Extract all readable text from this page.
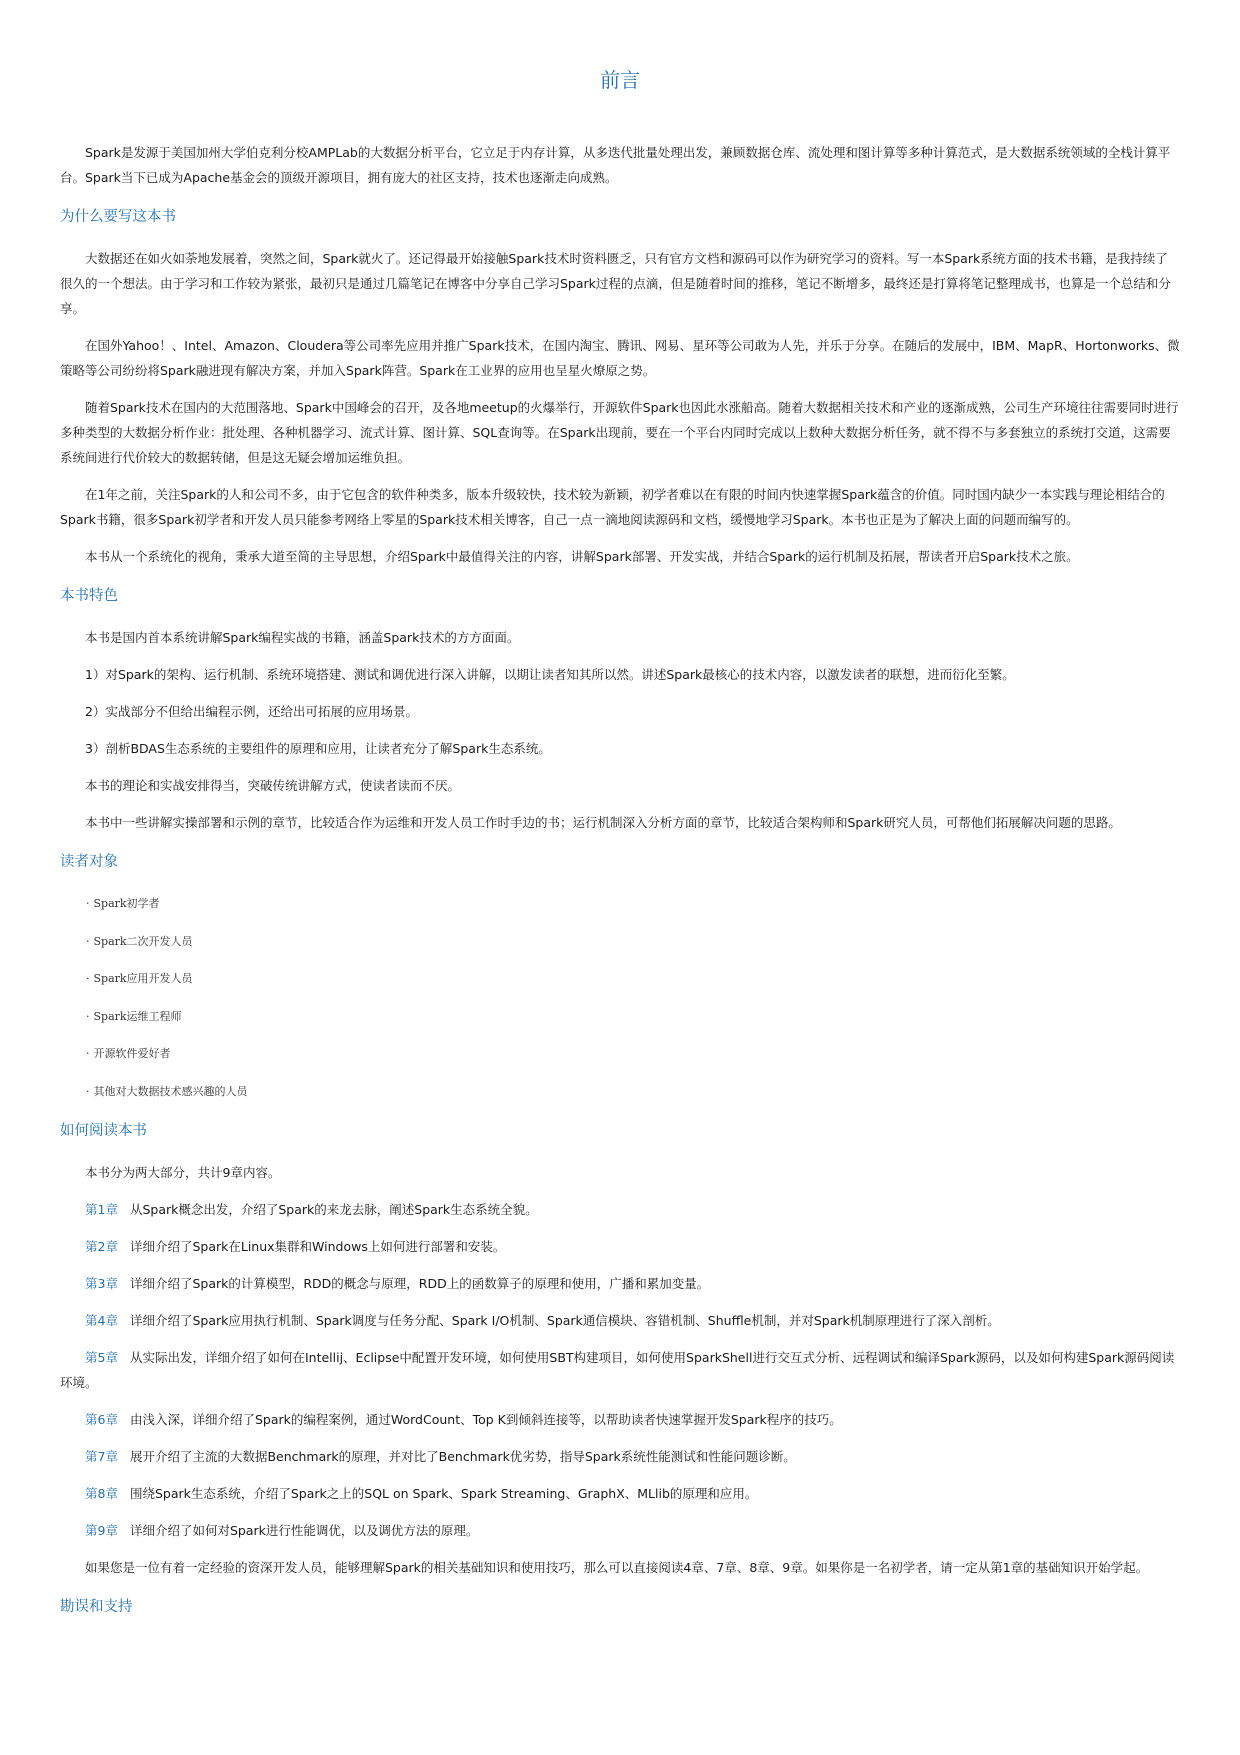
前言

Spark是发源于美国加州大学伯克利分校AMPLab的大数据分析平台，它立足于内存计算，从多迭代批量处理出发，兼顾数据仓库、流处理和图计算等多种计算范式，是大数据系统领域的全栈计算平台。Spark当下已成为Apache基金会的顶级开源项目，拥有庞大的社区支持，技术也逐渐走向成熟。

为什么要写这本书

大数据还在如火如荼地发展着，突然之间，Spark就火了。还记得最开始接触Spark技术时资料匮乏，只有官方文档和源码可以作为研究学习的资料。写一本Spark系统方面的技术书籍，是我持续了很久的一个想法。由于学习和工作较为紧张，最初只是通过几篇笔记在博客中分享自己学习Spark过程的点滴，但是随着时间的推移，笔记不断增多，最终还是打算将笔记整理成书，也算是一个总结和分享。

在国外Yahoo！、Intel、Amazon、Cloudera等公司率先应用并推广Spark技术，在国内淘宝、腾讯、网易、星环等公司敢为人先，并乐于分享。在随后的发展中，IBM、MapR、Hortonworks、微策略等公司纷纷将Spark融进现有解决方案，并加入Spark阵营。Spark在工业界的应用也呈星火燎原之势。

随着Spark技术在国内的大范围落地、Spark中国峰会的召开，及各地meetup的火爆举行，开源软件Spark也因此水涨船高。随着大数据相关技术和产业的逐渐成熟，公司生产环境往往需要同时进行多种类型的大数据分析作业：批处理、各种机器学习、流式计算、图计算、SQL查询等。在Spark出现前，要在一个平台内同时完成以上数种大数据分析任务，就不得不与多套独立的系统打交道，这需要系统间进行代价较大的数据转储，但是这无疑会增加运维负担。

在1年之前，关注Spark的人和公司不多，由于它包含的软件种类多，版本升级较快，技术较为新颖，初学者难以在有限的时间内快速掌握Spark蕴含的价值。同时国内缺少一本实践与理论相结合的Spark书籍，很多Spark初学者和开发人员只能参考网络上零星的Spark技术相关博客，自己一点一滴地阅读源码和文档，缓慢地学习Spark。本书也正是为了解决上面的问题而编写的。

本书从一个系统化的视角，秉承大道至简的主导思想，介绍Spark中最值得关注的内容，讲解Spark部署、开发实战，并结合Spark的运行机制及拓展，帮读者开启Spark技术之旅。

本书特色

本书是国内首本系统讲解Spark编程实战的书籍，涵盖Spark技术的方方面面。

1）对Spark的架构、运行机制、系统环境搭建、测试和调优进行深入讲解，以期让读者知其所以然。讲述Spark最核心的技术内容，以激发读者的联想，进而衍化至繁。

2）实战部分不但给出编程示例，还给出可拓展的应用场景。

3）剖析BDAS生态系统的主要组件的原理和应用，让读者充分了解Spark生态系统。

本书的理论和实战安排得当，突破传统讲解方式，使读者读而不厌。

本书中一些讲解实操部署和示例的章节，比较适合作为运维和开发人员工作时手边的书；运行机制深入分析方面的章节，比较适合架构师和Spark研究人员，可帮他们拓展解决问题的思路。

读者对象
· Spark初学者
· Spark二次开发人员
· Spark应用开发人员
· Spark运维工程师
· 开源软件爱好者
· 其他对大数据技术感兴趣的人员
如何阅读本书

本书分为两大部分，共计9章内容。

第1章 从Spark概念出发，介绍了Spark的来龙去脉，阐述Spark生态系统全貌。

第2章 详细介绍了Spark在Linux集群和Windows上如何进行部署和安装。

第3章 详细介绍了Spark的计算模型，RDD的概念与原理，RDD上的函数算子的原理和使用，广播和累加变量。

第4章 详细介绍了Spark应用执行机制、Spark调度与任务分配、Spark I/O机制、Spark通信模块、容错机制、Shuffle机制，并对Spark机制原理进行了深入剖析。

第5章 从实际出发，详细介绍了如何在Intellij、Eclipse中配置开发环境，如何使用SBT构建项目，如何使用SparkShell进行交互式分析、远程调试和编译Spark源码，以及如何构建Spark源码阅读环境。

第6章 由浅入深，详细介绍了Spark的编程案例，通过WordCount、Top K到倾斜连接等，以帮助读者快速掌握开发Spark程序的技巧。

第7章 展开介绍了主流的大数据Benchmark的原理，并对比了Benchmark优劣势，指导Spark系统性能测试和性能问题诊断。

第8章 围绕Spark生态系统，介绍了Spark之上的SQL on Spark、Spark Streaming、GraphX、MLlib的原理和应用。

第9章 详细介绍了如何对Spark进行性能调优，以及调优方法的原理。

如果您是一位有着一定经验的资深开发人员，能够理解Spark的相关基础知识和使用技巧，那么可以直接阅读4章、7章、8章、9章。如果你是一名初学者，请一定从第1章的基础知识开始学起。

勘误和支持
